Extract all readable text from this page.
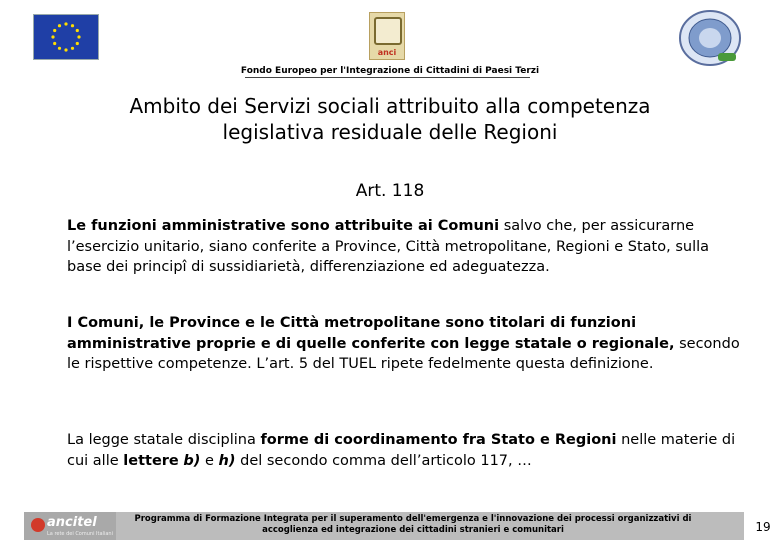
anci
Fondo Europeo per l'Integrazione di Cittadini di Paesi Terzi
Ambito dei Servizi sociali attribuito alla competenza
legislativa residuale delle Regioni
Art. 118
Le funzioni amministrative sono attribuite ai Comuni salvo che, per assicurarne l’esercizio unitario, siano conferite a Province, Città metropolitane, Regioni e Stato, sulla base dei principî di sussidiarietà, differenziazione ed adeguatezza.
I Comuni, le Province e le Città metropolitane sono titolari di funzioni amministrative proprie e di quelle conferite con legge statale o regionale, secondo le rispettive competenze. L’art. 5 del TUEL ripete fedelmente questa definizione.
La legge statale disciplina forme di coordinamento fra Stato e Regioni nelle materie di cui alle lettere b) e h) del secondo comma dell’articolo 117, …
ancitel
La rete dei Comuni Italiani
Programma di Formazione Integrata per il superamento dell'emergenza e l'innovazione dei processi organizzativi di
accoglienza ed integrazione dei cittadini stranieri e comunitari	19
